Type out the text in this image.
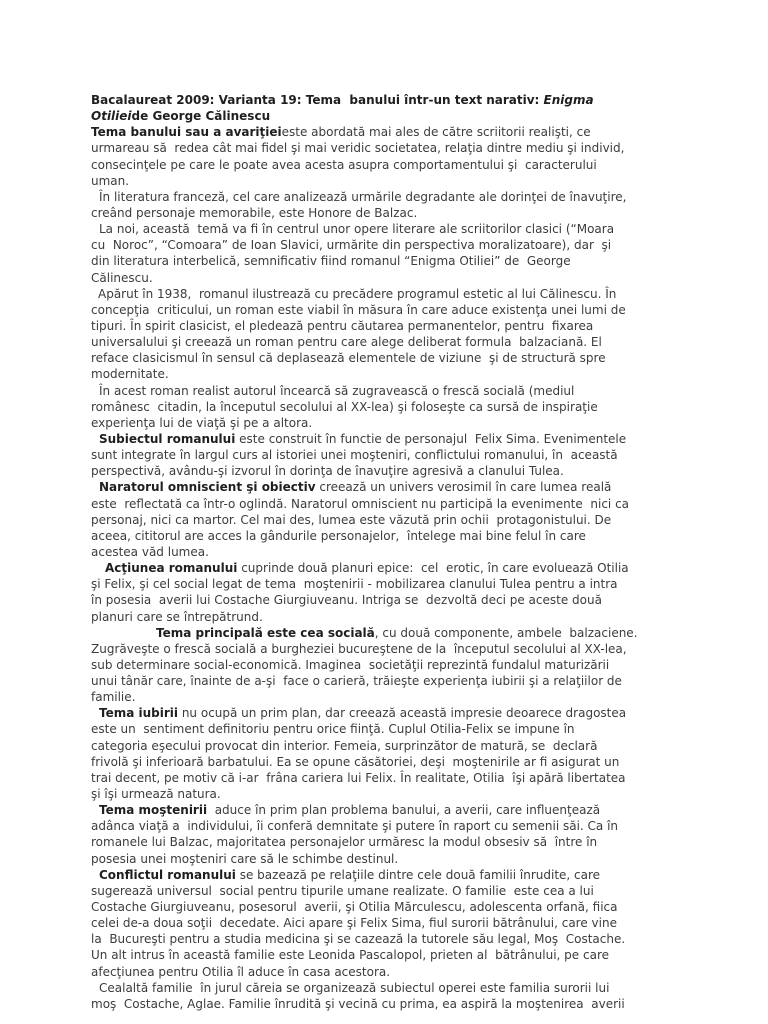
Bacalaureat 2009: Varianta 19: Tema  banului într-un text narativ: Enigma
Otilieide George Călinescu
Tema banului sau a avariţieieste abordată mai ales de către scriitorii realişti, ce
urmareau să  redea cât mai fidel şi mai veridic societatea, relaţia dintre mediu şi individ,
consecinţele pe care le poate avea acesta asupra comportamentului şi  caracterului
uman.
În literatura franceză, cel care analizează urmările degradante ale dorinţei de înavuţire,
creând personaje memorabile, este Honore de Balzac.
La noi, această  temă va fi în centrul unor opere literare ale scriitorilor clasici (“Moara
cu  Noroc”, “Comoara” de Ioan Slavici, urmărite din perspectiva moralizatoare), dar  şi
din literatura interbelică, semnificativ fiind romanul “Enigma Otiliei” de  George
Călinescu.
Apărut în 1938,  romanul ilustrează cu precădere programul estetic al lui Călinescu. În
concepţia  criticului, un roman este viabil în măsura în care aduce existenţa unei lumi de
tipuri. În spirit clasicist, el pledează pentru căutarea permanentelor, pentru  fixarea
universalului şi creează un roman pentru care alege deliberat formula  balzaciană. El
reface clasicismul în sensul că deplasează elementele de viziune  şi de structură spre
modernitate.
În acest roman realist autorul încearcă să zugravească o frescă socială (mediul
românesc  citadin, la începutul secolului al XX-lea) şi foloseşte ca sursă de inspiraţie
experienţa lui de viaţă şi pe a altora.
Subiectul romanului este construit în functie de personajul  Felix Sima. Evenimentele
sunt integrate în largul curs al istoriei unei moşteniri, conflictului romanului, în  această
perspectivă, avându-şi izvorul în dorinţa de înavuţire agresivă a clanului Tulea.
Naratorul omniscient şi obiectiv creează un univers verosimil în care lumea reală
este  reflectată ca într-o oglindă. Naratorul omniscient nu participă la evenimente  nici ca
personaj, nici ca martor. Cel mai des, lumea este văzută prin ochii  protagonistului. De
aceea, cititorul are acces la gândurile personajelor,  întelege mai bine felul în care
acestea văd lumea.
Acţiunea romanului cuprinde două planuri epice:  cel  erotic, în care evoluează Otilia
şi Felix, şi cel social legat de tema  moştenirii - mobilizarea clanului Tulea pentru a intra
în posesia  averii lui Costache Giurgiuveanu. Intriga se  dezvoltă deci pe aceste două
planuri care se întrepătrund.
Tema principală este cea socială, cu două componente, ambele  balzaciene.
Zugrăveşte o frescă socială a burgheziei bucureştene de la  începutul secolului al XX-lea,
sub determinare social-economică. Imaginea  societăţii reprezintă fundalul maturizării
unui tânăr care, înainte de a-şi  face o carieră, trăieşte experienţa iubirii şi a relaţiilor de
familie.
Tema iubirii nu ocupă un prim plan, dar creează această impresie deoarece dragostea
este un  sentiment definitoriu pentru orice fiinţă. Cuplul Otilia-Felix se impune în
categoria eşecului provocat din interior. Femeia, surprinzător de matură, se  declară
frivolă şi inferioară barbatului. Ea se opune căsătoriei, deşi  moştenirile ar fi asigurat un
trai decent, pe motiv că i-ar  frâna cariera lui Felix. În realitate, Otilia  îşi apără libertatea
şi îşi urmează natura.
Tema moştenirii  aduce în prim plan problema banului, a averii, care influenţează
adânca viaţă a  individului, îi conferă demnitate şi putere în raport cu semenii săi. Ca în
romanele lui Balzac, majoritatea personajelor urmăresc la modul obsesiv să  între în
posesia unei moşteniri care să le schimbe destinul.
Conflictul romanului se bazează pe relaţiile dintre cele două familii înrudite, care
sugerează universul  social pentru tipurile umane realizate. O familie  este cea a lui
Costache Giurgiuveanu, posesorul  averii, şi Otilia Mărculescu, adolescenta orfană, fiica
celei de-a doua soţii  decedate. Aici apare şi Felix Sima, fiul surorii bătrânului, care vine
la  Bucureşti pentru a studia medicina şi se cazează la tutorele său legal, Moş  Costache.
Un alt intrus în această familie este Leonida Pascalopol, prieten al  bătrânului, pe care
afecţiunea pentru Otilia îl aduce în casa acestora.
Cealaltă familie  în jurul căreia se organizează subiectul operei este familia surorii lui
moş  Costache, Aglae. Familie înrudită şi vecină cu prima, ea aspiră la moştenirea  averii
